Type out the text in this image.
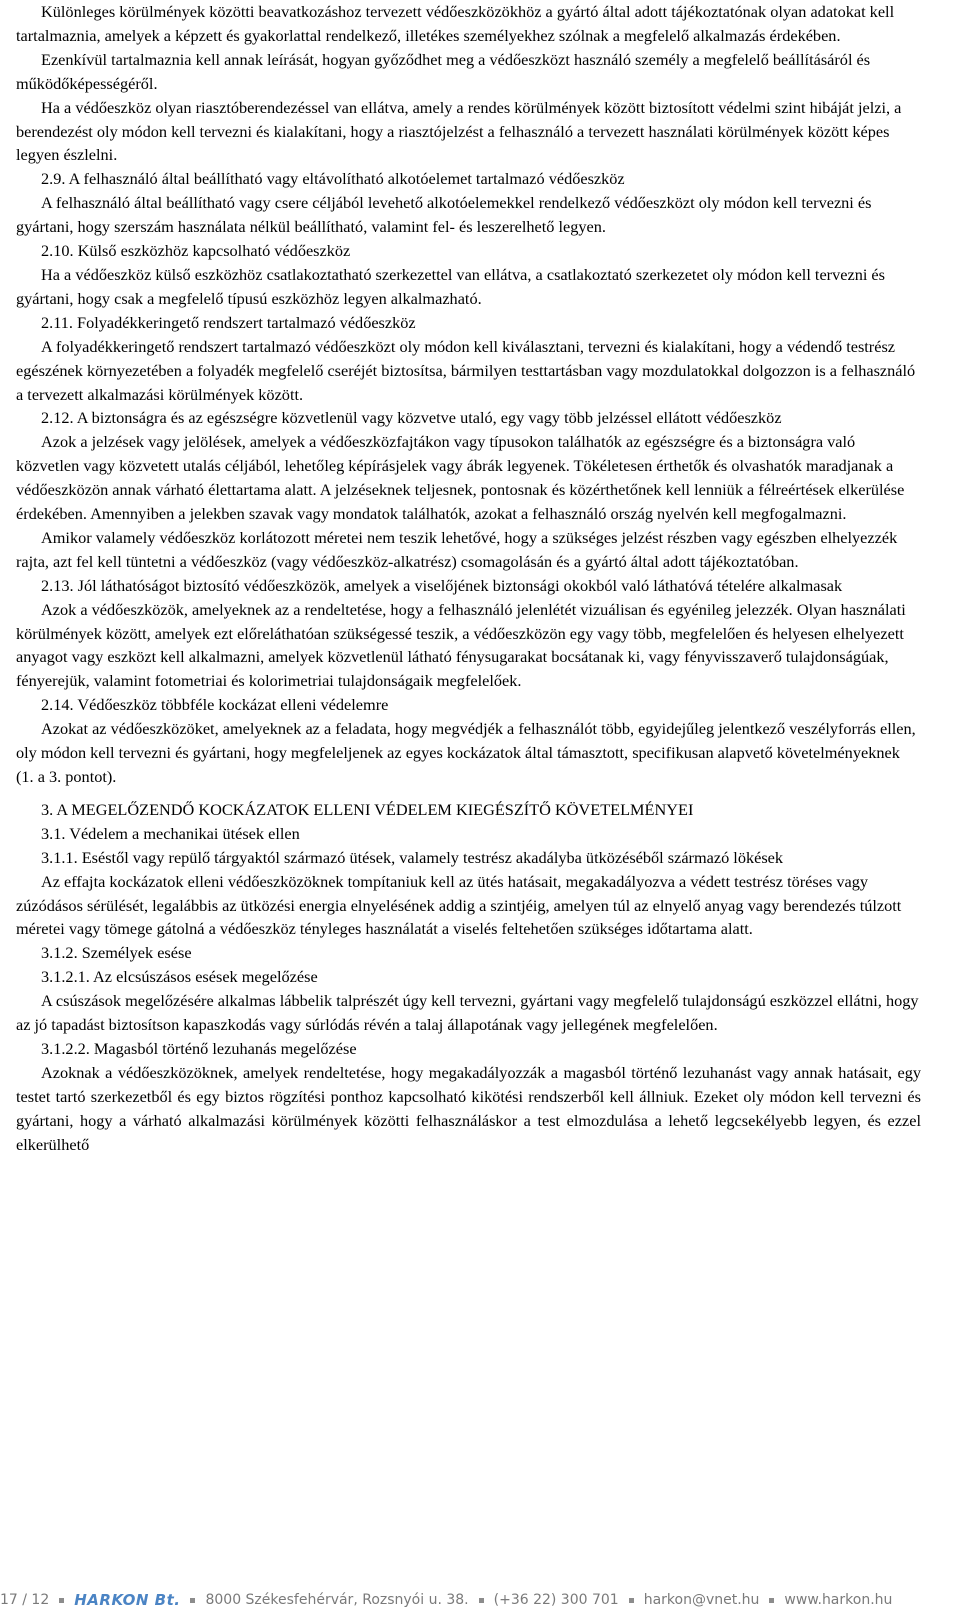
Különleges körülmények közötti beavatkozáshoz tervezett védőeszközökhöz a gyártó által adott tájékoztatónak olyan adatokat kell tartalmaznia, amelyek a képzett és gyakorlattal rendelkező, illetékes személyekhez szólnak a megfelelő alkalmazás érdekében.

Ezenkívül tartalmaznia kell annak leírását, hogyan győződhet meg a védőeszközt használó személy a megfelelő beállításáról és működőképességéről.

Ha a védőeszköz olyan riasztóberendezéssel van ellátva, amely a rendes körülmények között biztosított védelmi szint hibáját jelzi, a berendezést oly módon kell tervezni és kialakítani, hogy a riasztójelzést a felhasználó a tervezett használati körülmények között képes legyen észlelni.

2.9. A felhasználó által beállítható vagy eltávolítható alkotóelemet tartalmazó védőeszköz

A felhasználó által beállítható vagy csere céljából levehető alkotóelemekkel rendelkező védőeszközt oly módon kell tervezni és gyártani, hogy szerszám használata nélkül beállítható, valamint fel- és leszerelhető legyen.

2.10. Külső eszközhöz kapcsolható védőeszköz

Ha a védőeszköz külső eszközhöz csatlakoztatható szerkezettel van ellátva, a csatlakoztató szerkezetet oly módon kell tervezni és gyártani, hogy csak a megfelelő típusú eszközhöz legyen alkalmazható.

2.11. Folyadékkeringető rendszert tartalmazó védőeszköz

A folyadékkeringető rendszert tartalmazó védőeszközt oly módon kell kiválasztani, tervezni és kialakítani, hogy a védendő testrész egészének környezetében a folyadék megfelelő cseréjét biztosítsa, bármilyen testtartásban vagy mozdulatokkal dolgozzon is a felhasználó a tervezett alkalmazási körülmények között.

2.12. A biztonságra és az egészségre közvetlenül vagy közvetve utaló, egy vagy több jelzéssel ellátott védőeszköz

Azok a jelzések vagy jelölések, amelyek a védőeszközfajtákon vagy típusokon találhatók az egészségre és a biztonságra való közvetlen vagy közvetett utalás céljából, lehetőleg képírásjelek vagy ábrák legyenek. Tökéletesen érthetők és olvashatók maradjanak a védőeszközön annak várható élettartama alatt. A jelzéseknek teljesnek, pontosnak és közérthetőnek kell lenniük a félreértések elkerülése érdekében. Amennyiben a jelekben szavak vagy mondatok találhatók, azokat a felhasználó ország nyelvén kell megfogalmazni.

Amikor valamely védőeszköz korlátozott méretei nem teszik lehetővé, hogy a szükséges jelzést részben vagy egészben elhelyezzék rajta, azt fel kell tüntetni a védőeszköz (vagy védőeszköz-alkatrész) csomagolásán és a gyártó által adott tájékoztatóban.

2.13. Jól láthatóságot biztosító védőeszközök, amelyek a viselőjének biztonsági okokból való láthatóvá tételére alkalmasak

Azok a védőeszközök, amelyeknek az a rendeltetése, hogy a felhasználó jelenlétét vizuálisan és egyénileg jelezzék. Olyan használati körülmények között, amelyek ezt előreláthatóan szükségessé teszik, a védőeszközön egy vagy több, megfelelően és helyesen elhelyezett anyagot vagy eszközt kell alkalmazni, amelyek közvetlenül látható fénysugarakat bocsátanak ki, vagy fényvisszaverő tulajdonságúak, fényerejük, valamint fotometriai és kolorimetriai tulajdonságaik megfelelőek.

2.14. Védőeszköz többféle kockázat elleni védelemre

Azokat az védőeszközöket, amelyeknek az a feladata, hogy megvédjék a felhasználót több, egyidejűleg jelentkező veszélyforrás ellen, oly módon kell tervezni és gyártani, hogy megfeleljenek az egyes kockázatok által támasztott, specifikusan alapvető követelményeknek (1. a 3. pontot).

3. A MEGELŐZENDŐ KOCKÁZATOK ELLENI VÉDELEM KIEGÉSZÍTŐ KÖVETELMÉNYEI

3.1. Védelem a mechanikai ütések ellen

3.1.1. Eséstől vagy repülő tárgyaktól származó ütések, valamely testrész akadályba ütközéséből származó lökések

Az effajta kockázatok elleni védőeszközöknek tompítaniuk kell az ütés hatásait, megakadályozva a védett testrész töréses vagy zúzódásos sérülését, legalábbis az ütközési energia elnyelésének addig a szintjéig, amelyen túl az elnyelő anyag vagy berendezés túlzott méretei vagy tömege gátolná a védőeszköz tényleges használatát a viselés feltehetően szükséges időtartama alatt.

3.1.2. Személyek esése

3.1.2.1. Az elcsúszásos esések megelőzése

A csúszások megelőzésére alkalmas lábbelik talprészét úgy kell tervezni, gyártani vagy megfelelő tulajdonságú eszközzel ellátni, hogy az jó tapadást biztosítson kapaszkodás vagy súrlódás révén a talaj állapotának vagy jellegének megfelelően.

3.1.2.2. Magasból történő lezuhanás megelőzése

Azoknak a védőeszközöknek, amelyek rendeltetése, hogy megakadályozzák a magasból történő lezuhanást vagy annak hatásait, egy testet tartó szerkezetből és egy biztos rögzítési ponthoz kapcsolható kikötési rendszerből kell állniuk. Ezeket oly módon kell tervezni és gyártani, hogy a várható alkalmazási körülmények közötti felhasználáskor a test elmozdulása a lehető legcsekélyebb legyen, és ezzel elkerülhető

17 / 12 HARKON Bt. 8000 Székesfehérvár, Rozsnyói u. 38. (+36 22) 300 701 harkon@vnet.hu www.harkon.hu
